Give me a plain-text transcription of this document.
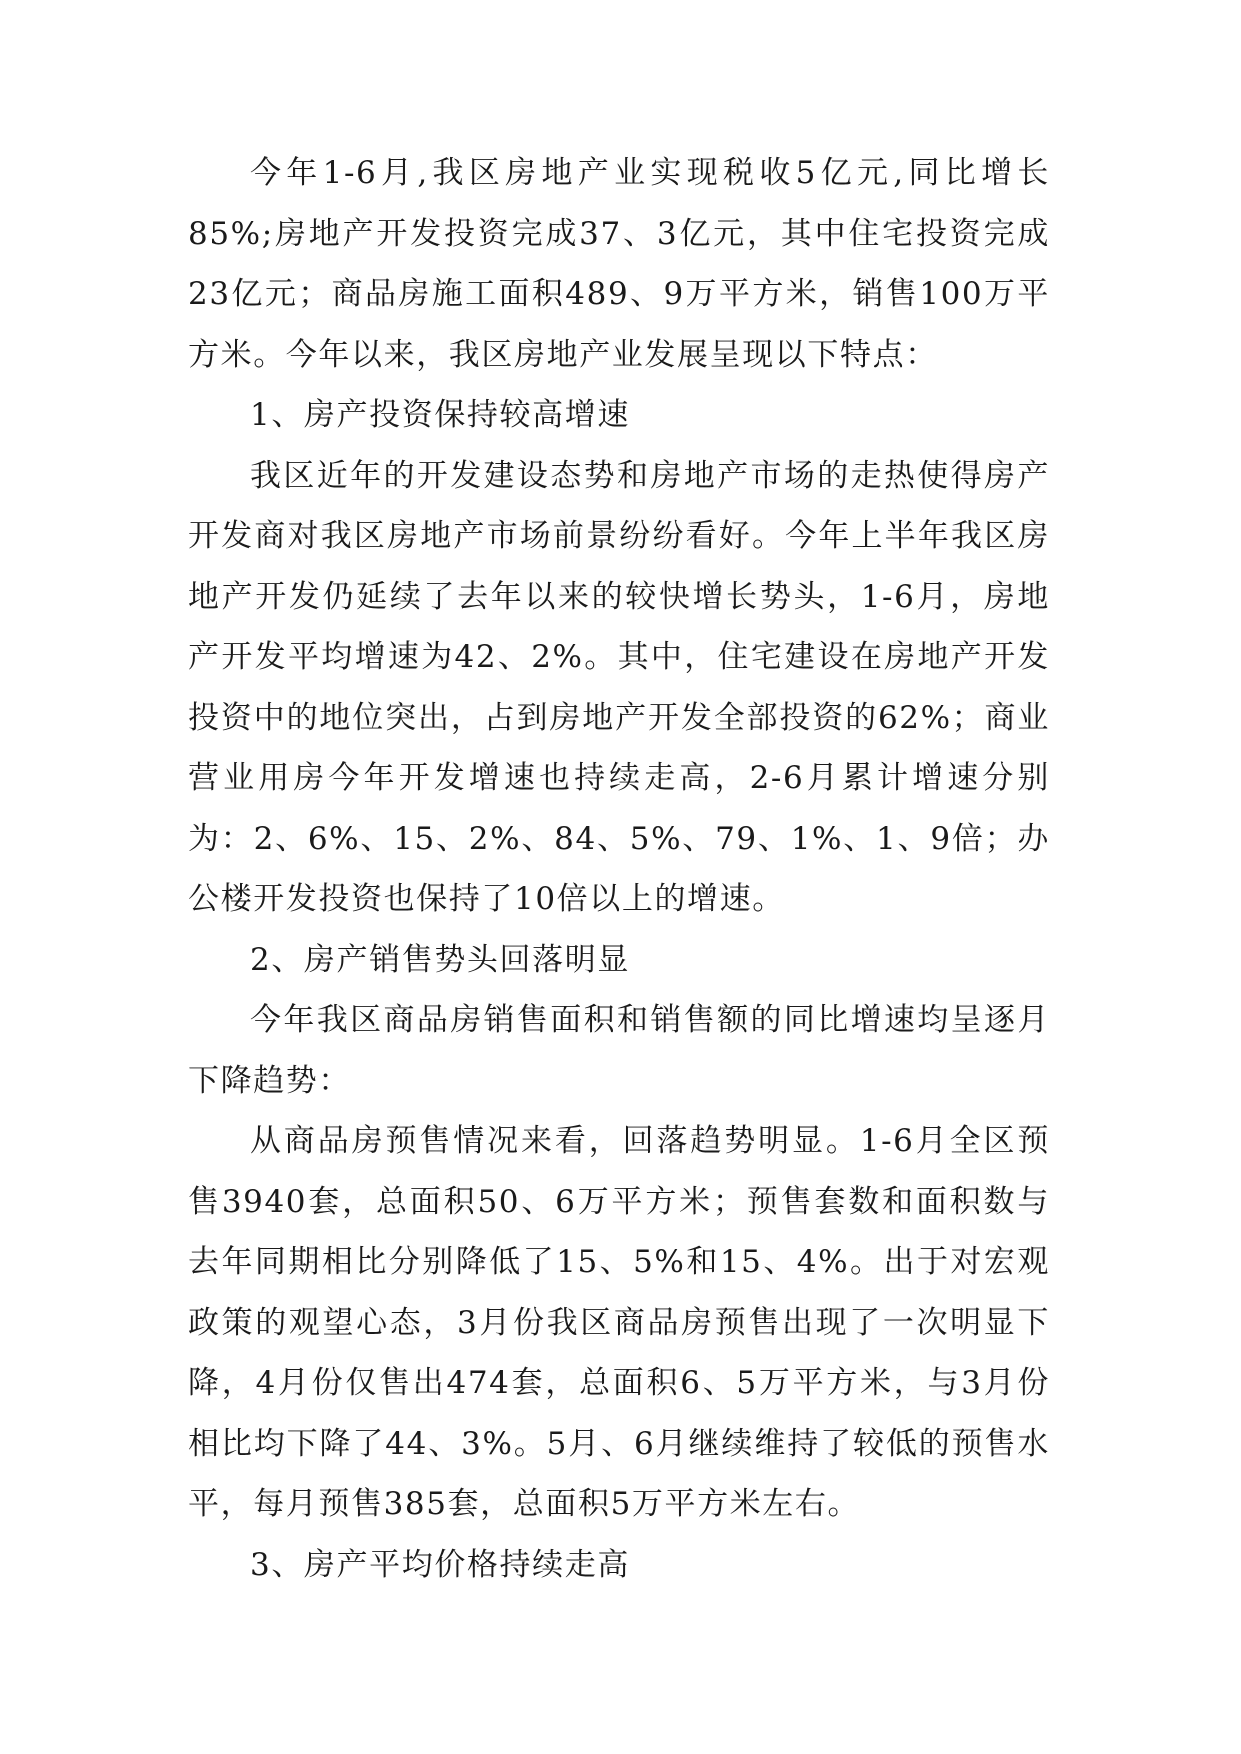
今年1-6月,我区房地产业实现税收5亿元,同比增长85%;房地产开发投资完成37、3亿元，其中住宅投资完成23亿元；商品房施工面积489、9万平方米，销售100万平方米。今年以来，我区房地产业发展呈现以下特点：

1、房产投资保持较高增速

我区近年的开发建设态势和房地产市场的走热使得房产开发商对我区房地产市场前景纷纷看好。今年上半年我区房地产开发仍延续了去年以来的较快增长势头，1-6月，房地产开发平均增速为42、2%。其中，住宅建设在房地产开发投资中的地位突出，占到房地产开发全部投资的62%；商业营业用房今年开发增速也持续走高，2-6月累计增速分别为：2、6%、15、2%、84、5%、79、1%、1、9倍；办公楼开发投资也保持了10倍以上的增速。

2、房产销售势头回落明显

今年我区商品房销售面积和销售额的同比增速均呈逐月下降趋势：

从商品房预售情况来看，回落趋势明显。1-6月全区预售3940套，总面积50、6万平方米；预售套数和面积数与去年同期相比分别降低了15、5%和15、4%。出于对宏观政策的观望心态，3月份我区商品房预售出现了一次明显下降，4月份仅售出474套，总面积6、5万平方米，与3月份相比均下降了44、3%。5月、6月继续维持了较低的预售水平，每月预售385套，总面积5万平方米左右。

3、房产平均价格持续走高
